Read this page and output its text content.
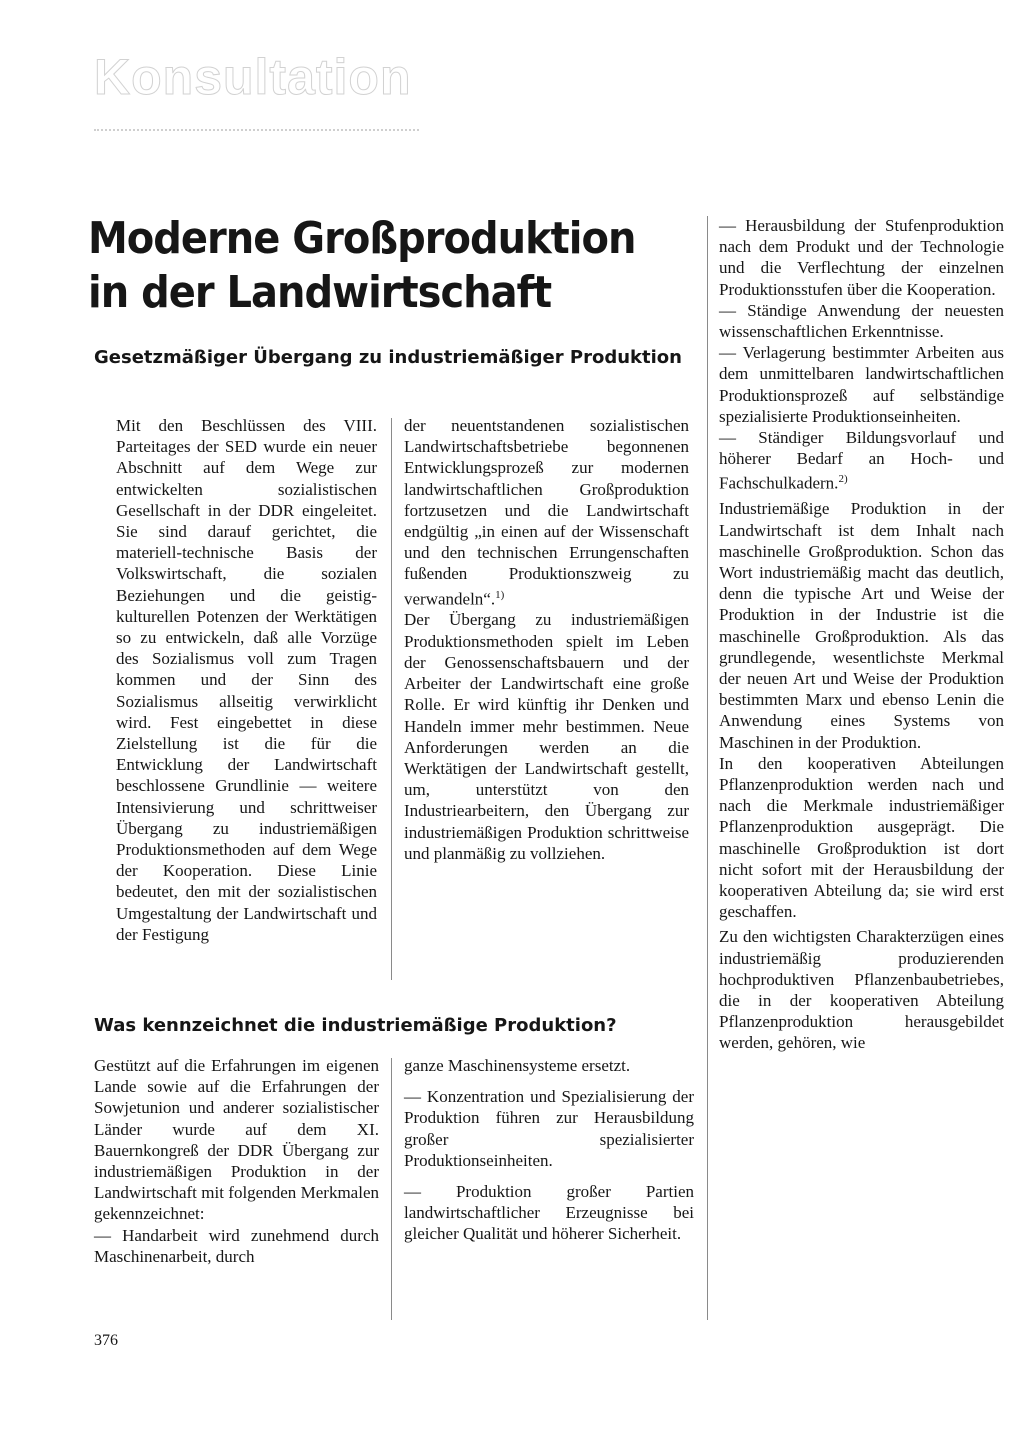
Konsultation
Moderne Großproduktion
in der Landwirtschaft
Gesetzmäßiger Übergang zu industriemäßiger Produktion

Mit den Beschlüssen des VIII. Parteitages der SED wurde ein neuer Abschnitt auf dem Wege zur entwickelten sozialistischen Gesellschaft in der DDR eingeleitet. Sie sind darauf gerichtet, die materiell-technische Basis der Volkswirtschaft, die sozialen Beziehungen und die geistig-kulturellen Potenzen der Werktätigen so zu entwickeln, daß alle Vorzüge des Sozialismus voll zum Tragen kommen und der Sinn des Sozialismus allseitig verwirklicht wird. Fest eingebettet in diese Zielstellung ist die für die Entwicklung der Landwirtschaft beschlossene Grundlinie — weitere Intensivierung und schrittweiser Übergang zu industriemäßigen Produktionsmethoden auf dem Wege der Kooperation. Diese Linie bedeutet, den mit der sozialistischen Umgestaltung der Landwirtschaft und der Festigung

der neuentstandenen sozialistischen Landwirtschaftsbetriebe begonnenen Entwicklungsprozeß zur modernen landwirtschaftlichen Großproduktion fortzusetzen und die Landwirtschaft endgültig „in einen auf der Wissenschaft und den technischen Errungenschaften fußenden Produktionszweig zu verwandeln“.$^{1)}$

Der Übergang zu industriemäßigen Produktionsmethoden spielt im Leben der Genossenschaftsbauern und der Arbeiter der Landwirtschaft eine große Rolle. Er wird künftig ihr Denken und Handeln immer mehr bestimmen. Neue Anforderungen werden an die Werktätigen der Landwirtschaft gestellt, um, unterstützt von den Industriearbeitern, den Übergang zur industriemäßigen Produktion schrittweise und planmäßig zu vollziehen.

Was kennzeichnet die industriemäßige Produktion?

Gestützt auf die Erfahrungen im eigenen Lande sowie auf die Erfahrungen der Sowjetunion und anderer sozialistischer Länder wurde auf dem XI. Bauernkongreß der DDR Übergang zur industriemäßigen Produktion in der Landwirtschaft mit folgenden Merkmalen gekennzeichnet:

— Handarbeit wird zunehmend durch Maschinenarbeit, durch

ganze Maschinensysteme ersetzt.

— Konzentration und Spezialisierung der Produktion führen zur Herausbildung großer spezialisierter Produktionseinheiten.

— Produktion großer Partien landwirtschaftlicher Erzeugnisse bei gleicher Qualität und höherer Sicherheit.

— Herausbildung der Stufenproduktion nach dem Produkt und der Technologie und die Verflechtung der einzelnen Produktionsstufen über die Kooperation.

— Ständige Anwendung der neuesten wissenschaftlichen Erkenntnisse.

— Verlagerung bestimmter Arbeiten aus dem unmittelbaren landwirtschaftlichen Produktionsprozeß auf selbständige spezialisierte Produktionseinheiten.

— Ständiger Bildungsvorlauf und höherer Bedarf an Hoch- und Fachschulkadern.$^{2)}$

Industriemäßige Produktion in der Landwirtschaft ist dem Inhalt nach maschinelle Großproduktion. Schon das Wort industriemäßig macht das deutlich, denn die typische Art und Weise der Produktion in der Industrie ist die maschinelle Großproduktion. Als das grundlegende, wesentlichste Merkmal der neuen Art und Weise der Produktion bestimmten Marx und ebenso Lenin die Anwendung eines Systems von Maschinen in der Produktion.

In den kooperativen Abteilungen Pflanzenproduktion werden nach und nach die Merkmale industriemäßiger Pflanzenproduktion ausgeprägt. Die maschinelle Großproduktion ist dort nicht sofort mit der Herausbildung der kooperativen Abteilung da; sie wird erst geschaffen.

Zu den wichtigsten Charakterzügen eines industriemäßig produzierenden hochproduktiven Pflanzenbaubetriebes, die in der kooperativen Abteilung Pflanzenproduktion herausgebildet werden, gehören, wie

376
